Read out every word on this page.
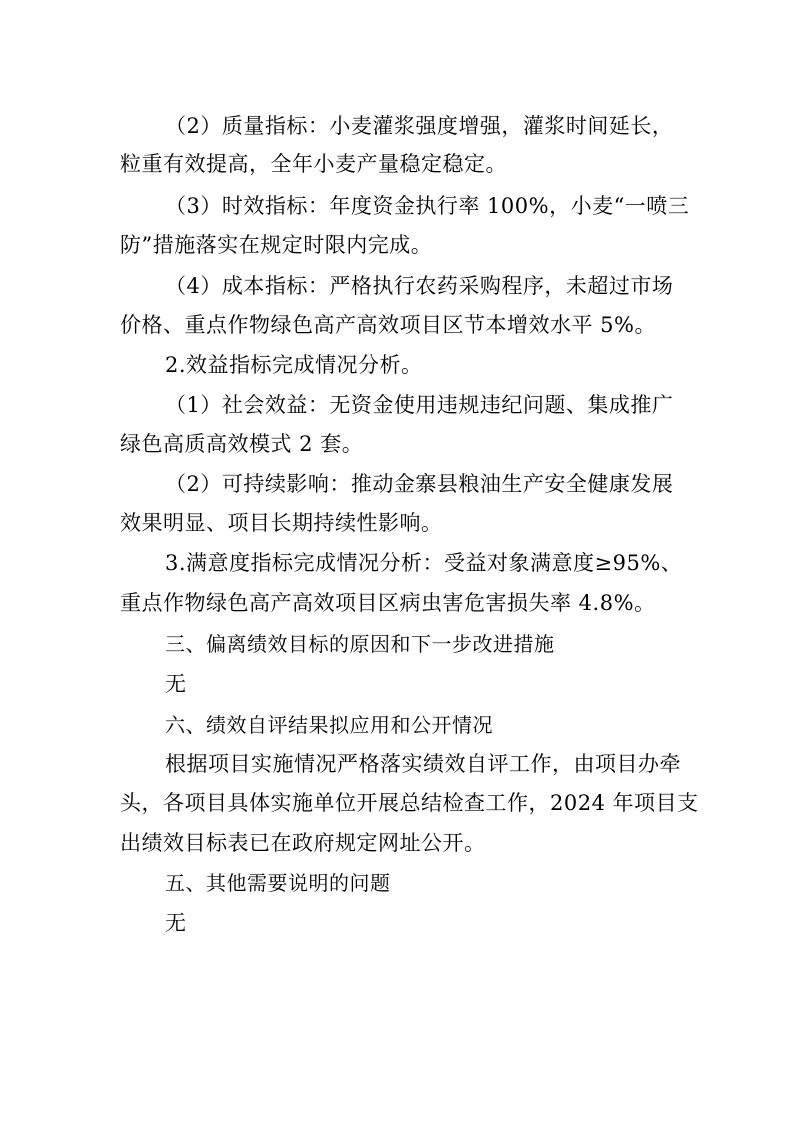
（2）质量指标：小麦灌浆强度增强，灌浆时间延长，
粒重有效提高，全年小麦产量稳定稳定。
（3）时效指标：年度资金执行率 100%，小麦“一喷三
防”措施落实在规定时限内完成。
（4）成本指标：严格执行农药采购程序，未超过市场
价格、重点作物绿色高产高效项目区节本增效水平 5%。
2.效益指标完成情况分析。
（1）社会效益：无资金使用违规违纪问题、集成推广
绿色高质高效模式 2 套。
（2）可持续影响：推动金寨县粮油生产安全健康发展
效果明显、项目长期持续性影响。
3.满意度指标完成情况分析：受益对象满意度≥95%、
重点作物绿色高产高效项目区病虫害危害损失率 4.8%。
三、偏离绩效目标的原因和下一步改进措施
无
六、绩效自评结果拟应用和公开情况
根据项目实施情况严格落实绩效自评工作，由项目办牵
头，各项目具体实施单位开展总结检查工作，2024 年项目支
出绩效目标表已在政府规定网址公开。
五、其他需要说明的问题
无
